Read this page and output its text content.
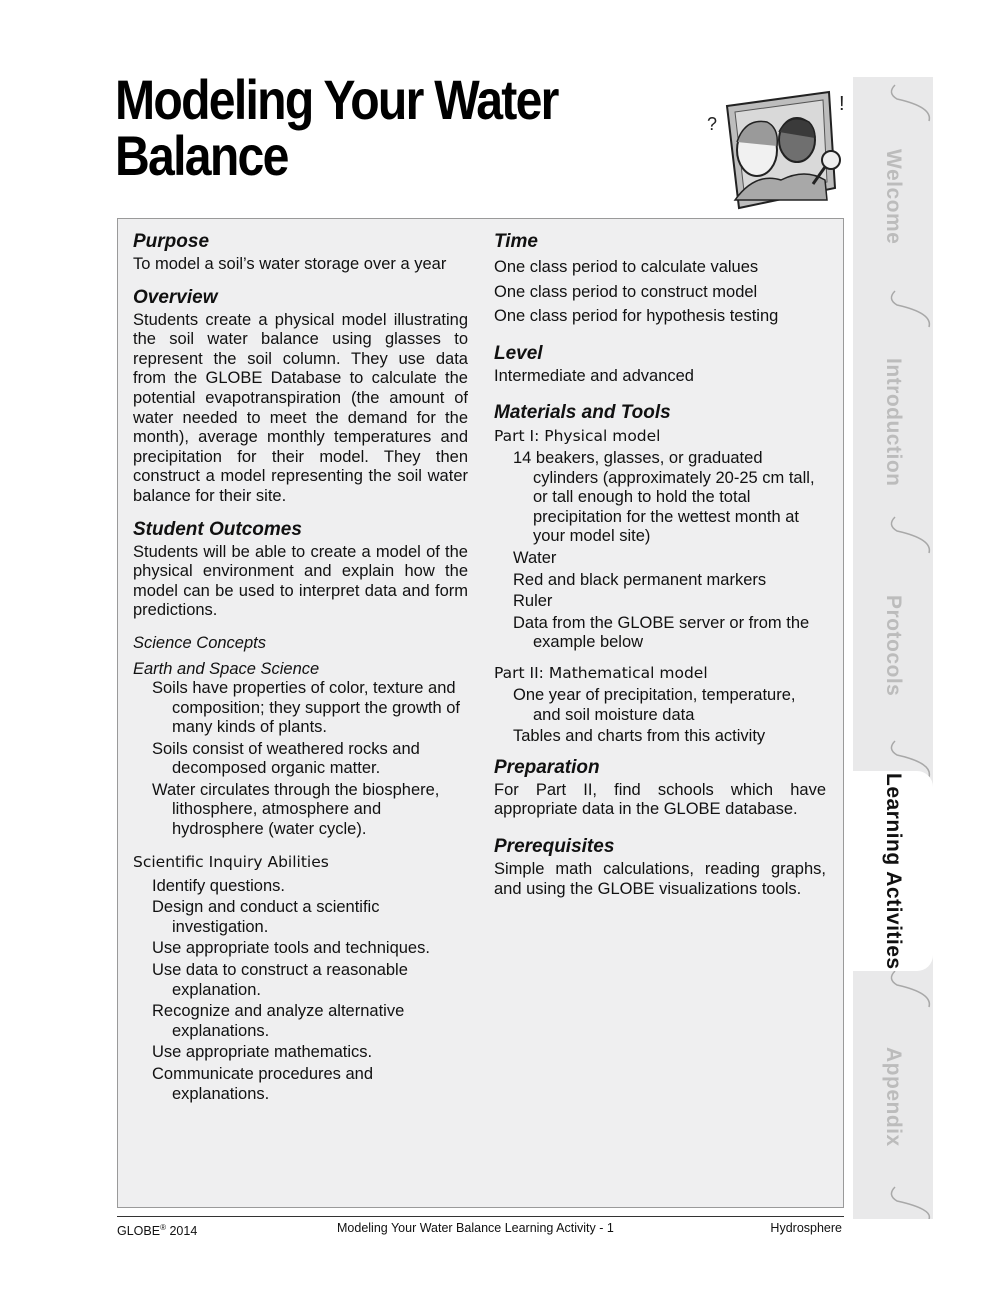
Modeling Your Water
Balance	?
!
Purpose

To model a soil’s water storage over a year

Overview

Students create a physical model illustrating the soil water balance using glasses to represent the soil column. They use data from the GLOBE Database to calculate the potential evapotranspiration (the amount of water needed to meet the demand for the month), average monthly temperatures and precipitation for their model. They then construct a model representing the soil water balance for their site.

Student Outcomes

Students will be able to create a model of the physical environment and explain how the model can be used to interpret data and form predictions.

Science Concepts
Earth and Space Science
Soils have properties of color, texture and composition; they support the growth of many kinds of plants.
Soils consist of weathered rocks and decomposed organic matter.
Water circulates through the biosphere, lithosphere, atmosphere and hydrosphere (water cycle).
Scientific Inquiry Abilities
Identify questions.
Design and conduct a scientific investigation.
Use appropriate tools and techniques.
Use data to construct a reasonable explanation.
Recognize and analyze alternative explanations.
Use appropriate mathematics.
Communicate procedures and explanations.
Time
One class period to calculate values
One class period to construct model
One class period for hypothesis testing
Level

Intermediate and advanced

Materials and Tools
Part I: Physical model
14 beakers, glasses, or graduated cylinders (approximately 20-25 cm tall, or tall enough to hold the total precipitation for the wettest month at your model site)
Water
Red and black permanent markers
Ruler
Data from the GLOBE server or from the example below
Part II: Mathematical model
One year of precipitation, temperature, and soil moisture data
Tables and charts from this activity
Preparation

For Part II, find schools which have appropriate data in the GLOBE database.

Prerequisites

Simple math calculations, reading graphs, and using the GLOBE visualizations tools.

Welcome
Introduction
Protocols
Learning Activities
Appendix
GLOBE® 2014	Modeling Your Water Balance Learning Activity - 1	Hydrosphere
